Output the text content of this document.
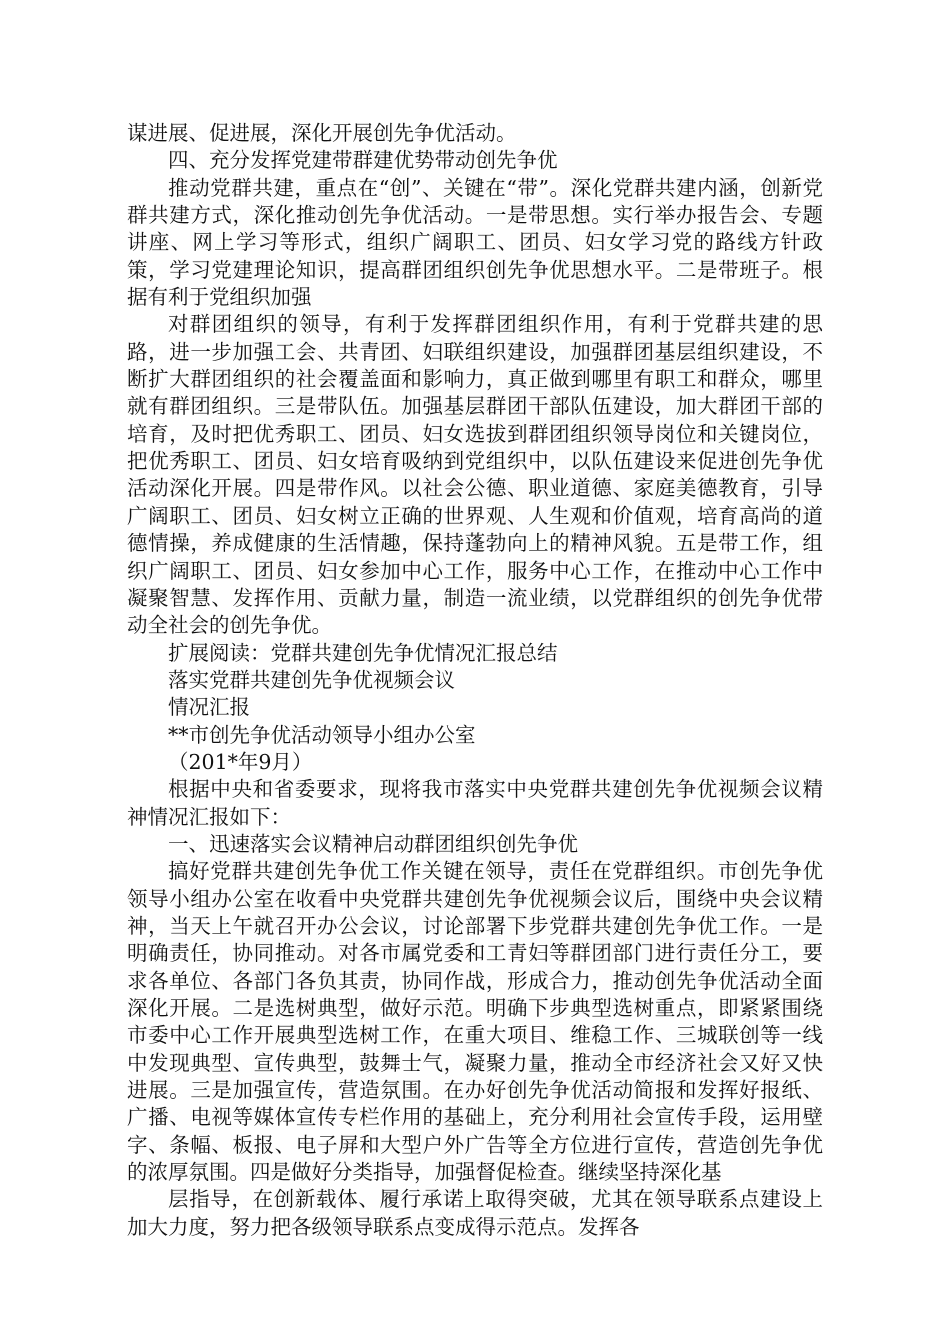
谋进展、促进展，深化开展创先争优活动。

四、充分发挥党建带群建优势带动创先争优

推动党群共建，重点在“创”、关键在“带”。深化党群共建内涵，创新党群共建方式，深化推动创先争优活动。一是带思想。实行举办报告会、专题讲座、网上学习等形式，组织广阔职工、团员、妇女学习党的路线方针政策，学习党建理论知识，提高群团组织创先争优思想水平。二是带班子。根据有利于党组织加强

对群团组织的领导，有利于发挥群团组织作用，有利于党群共建的思路，进一步加强工会、共青团、妇联组织建设，加强群团基层组织建设，不断扩大群团组织的社会覆盖面和影响力，真正做到哪里有职工和群众，哪里就有群团组织。三是带队伍。加强基层群团干部队伍建设，加大群团干部的培育，及时把优秀职工、团员、妇女选拔到群团组织领导岗位和关键岗位，把优秀职工、团员、妇女培育吸纳到党组织中，以队伍建设来促进创先争优活动深化开展。四是带作风。以社会公德、职业道德、家庭美德教育，引导广阔职工、团员、妇女树立正确的世界观、人生观和价值观，培育高尚的道德情操，养成健康的生活情趣，保持蓬勃向上的精神风貌。五是带工作，组织广阔职工、团员、妇女参加中心工作，服务中心工作，在推动中心工作中凝聚智慧、发挥作用、贡献力量，制造一流业绩，以党群组织的创先争优带动全社会的创先争优。

扩展阅读：党群共建创先争优情况汇报总结

落实党群共建创先争优视频会议

情况汇报

**市创先争优活动领导小组办公室

（201*年9月）

根据中央和省委要求，现将我市落实中央党群共建创先争优视频会议精神情况汇报如下：

一、迅速落实会议精神启动群团组织创先争优

搞好党群共建创先争优工作关键在领导，责任在党群组织。市创先争优领导小组办公室在收看中央党群共建创先争优视频会议后，围绕中央会议精神，当天上午就召开办公会议，讨论部署下步党群共建创先争优工作。一是明确责任，协同推动。对各市属党委和工青妇等群团部门进行责任分工，要求各单位、各部门各负其责，协同作战，形成合力，推动创先争优活动全面深化开展。二是选树典型，做好示范。明确下步典型选树重点，即紧紧围绕市委中心工作开展典型选树工作，在重大项目、维稳工作、三城联创等一线中发现典型、宣传典型，鼓舞士气，凝聚力量，推动全市经济社会又好又快进展。三是加强宣传，营造氛围。在办好创先争优活动简报和发挥好报纸、广播、电视等媒体宣传专栏作用的基础上，充分利用社会宣传手段，运用壁字、条幅、板报、电子屏和大型户外广告等全方位进行宣传，营造创先争优的浓厚氛围。四是做好分类指导，加强督促检查。继续坚持深化基

层指导，在创新载体、履行承诺上取得突破，尤其在领导联系点建设上加大力度，努力把各级领导联系点变成得示范点。发挥各
